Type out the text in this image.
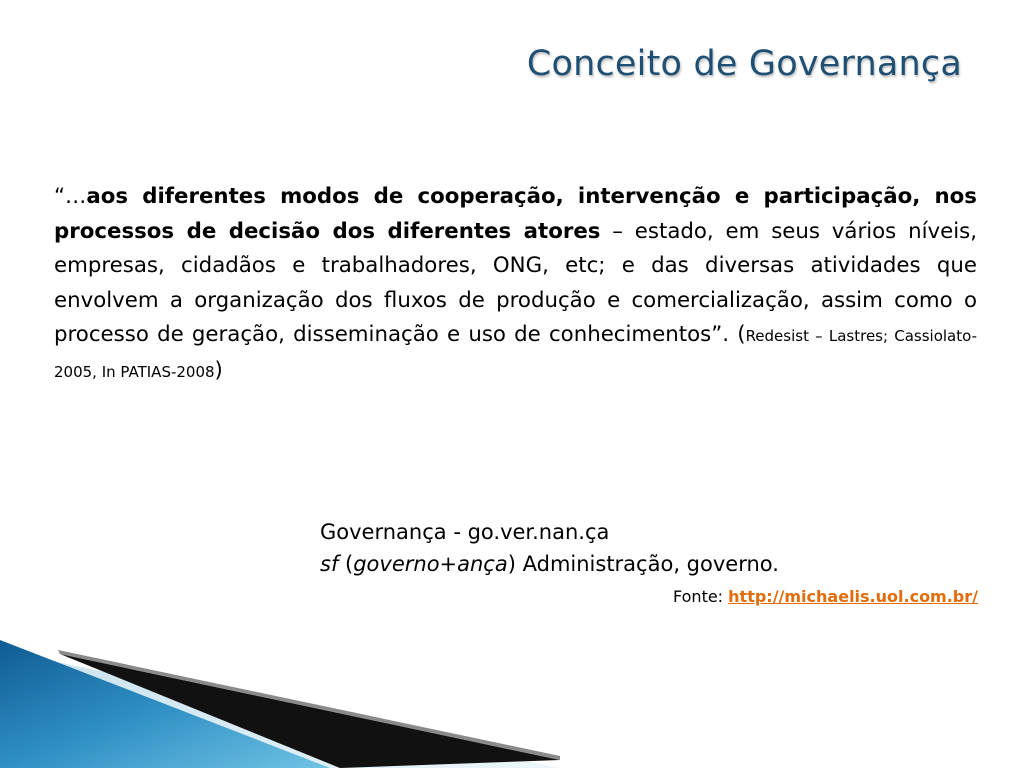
Conceito de Governança
“…aos diferentes modos de cooperação, intervenção e participação, nos processos de decisão dos diferentes atores – estado, em seus vários níveis, empresas, cidadãos e trabalhadores, ONG, etc; e das diversas atividades que envolvem a organização dos fluxos de produção e comercialização, assim como o processo de geração, disseminação e uso de conhecimentos”. (Redesist – Lastres; Cassiolato-2005, In PATIAS-2008)
Governança - go.ver.nan.ça
sf (governo+ança) Administração, governo.
Fonte: http://michaelis.uol.com.br/
